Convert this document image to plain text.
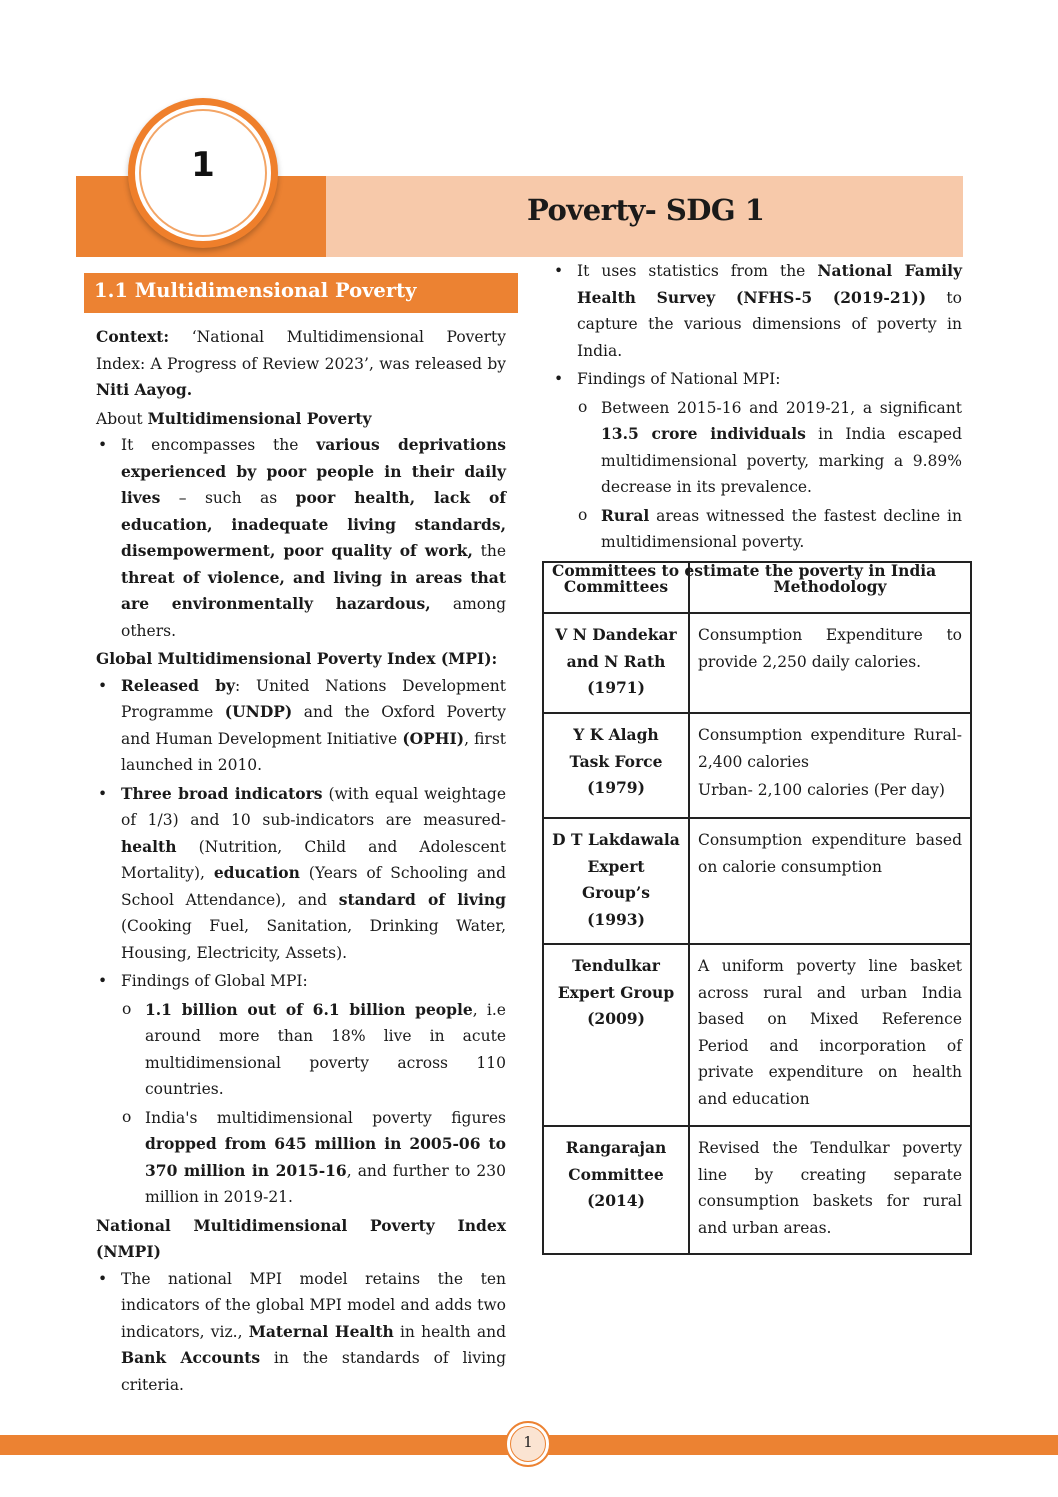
1
Poverty- SDG 1
1.1 Multidimensional Poverty

Context: ‘National Multidimensional Poverty Index: A Progress of Review 2023’, was released by Niti Aayog.

About Multidimensional Poverty

• It encompasses the various deprivations experienced by poor people in their daily lives – such as poor health, lack of education, inadequate living standards, disempowerment, poor quality of work, the threat of violence, and living in areas that are environmentally hazardous, among others.

Global Multidimensional Poverty Index (MPI):

• Released by: United Nations Development Programme (UNDP) and the Oxford Poverty and Human Development Initiative (OPHI), first launched in 2010.
• Three broad indicators (with equal weightage of 1/3) and 10 sub-indicators are measured- health (Nutrition, Child and Adolescent Mortality), education (Years of Schooling and School Attendance), and standard of living (Cooking Fuel, Sanitation, Drinking Water, Housing, Electricity, Assets).
• Findings of Global MPI:
o 1.1 billion out of 6.1 billion people, i.e around more than 18% live in acute multidimensional poverty across 110 countries.
o India's multidimensional poverty figures dropped from 645 million in 2005-06 to 370 million in 2015-16, and further to 230 million in 2019-21.

National Multidimensional Poverty Index (NMPI)

• The national MPI model retains the ten indicators of the global MPI model and adds two indicators, viz., Maternal Health in health and Bank Accounts in the standards of living criteria.
• It uses statistics from the National Family Health Survey (NFHS-5 (2019-21)) to capture the various dimensions of poverty in India.
• Findings of National MPI:
o Between 2015-16 and 2019-21, a significant 13.5 crore individuals in India escaped multidimensional poverty, marking a 9.89% decrease in its prevalence.
o Rural areas witnessed the fastest decline in multidimensional poverty.

Committees to estimate the poverty in India

Committees	Methodology
V N Dandekar and N Rath (1971)	Consumption Expenditure to provide 2,250 daily calories.
Y K Alagh Task Force (1979)	Consumption expenditure Rural-2,400 calories
Urban- 2,100 calories (Per day)

D T Lakdawala Expert Group’s (1993)	Consumption expenditure based on calorie consumption
Tendulkar Expert Group (2009)	A uniform poverty line basket across rural and urban India based on Mixed Reference Period and incorporation of private expenditure on health and education
Rangarajan Committee (2014)	Revised the Tendulkar poverty line by creating separate consumption baskets for rural and urban areas.
1
